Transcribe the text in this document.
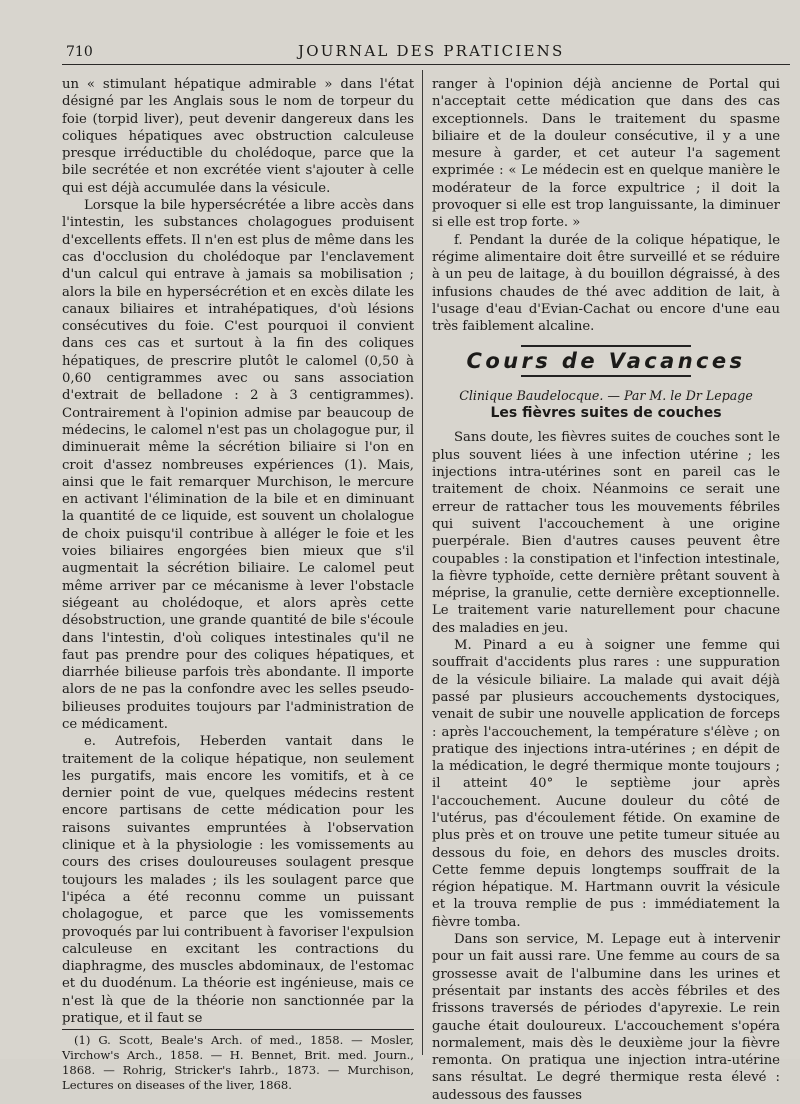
710	JOURNAL DES PRATICIENS

un « stimulant hépatique admirable » dans l'état désigné par les Anglais sous le nom de torpeur du foie (torpid liver), peut devenir dangereux dans les coliques hépatiques avec obstruction calculeuse presque irréductible du cholédoque, parce que la bile secrétée et non excrétée vient s'ajouter à celle qui est déjà accumulée dans la vésicule.

Lorsque la bile hypersécrétée a libre accès dans l'intestin, les substances cholagogues produisent d'excellents effets. Il n'en est plus de même dans les cas d'occlusion du cholédoque par l'enclavement d'un calcul qui entrave à jamais sa mobilisation ; alors la bile en hypersécrétion et en excès dilate les canaux biliaires et intrahépatiques, d'où lésions consécutives du foie. C'est pourquoi il convient dans ces cas et surtout à la fin des coliques hépatiques, de prescrire plutôt le calomel (0,50 à 0,60 centigrammes avec ou sans association d'extrait de belladone : 2 à 3 centigrammes). Contrairement à l'opinion admise par beaucoup de médecins, le calomel n'est pas un cholagogue pur, il diminuerait même la sécrétion biliaire si l'on en croit d'assez nombreuses expériences (1). Mais, ainsi que le fait remarquer Murchison, le mercure en activant l'élimination de la bile et en diminuant la quantité de ce liquide, est souvent un cholalogue de choix puisqu'il contribue à alléger le foie et les voies biliaires engorgées bien mieux que s'il augmentait la sécrétion biliaire. Le calomel peut même arriver par ce mécanisme à lever l'obstacle siégeant au cholédoque, et alors après cette désobstruction, une grande quantité de bile s'écoule dans l'intestin, d'où coliques intestinales qu'il ne faut pas prendre pour des coliques hépatiques, et diarrhée bilieuse parfois très abondante. Il importe alors de ne pas la confondre avec les selles pseudo-bilieuses produites toujours par l'administration de ce médicament.

e. Autrefois, Heberden vantait dans le traitement de la colique hépatique, non seulement les purgatifs, mais encore les vomitifs, et à ce dernier point de vue, quelques médecins restent encore partisans de cette médication pour les raisons suivantes empruntées à l'observation clinique et à la physiologie : les vomissements au cours des crises douloureuses soulagent presque toujours les malades ; ils les soulagent parce que l'ipéca a été reconnu comme un puissant cholagogue, et parce que les vomissements provoqués par lui contribuent à favoriser l'expulsion calculeuse en excitant les contractions du diaphragme, des muscles abdominaux, de l'estomac et du duodénum. La théorie est ingénieuse, mais ce n'est là que de la théorie non sanctionnée par la pratique, et il faut se

(1) G. Scott, Beale's Arch. of med., 1858. — Mosler, Virchow's Arch., 1858. — H. Bennet, Brit. med. Journ., 1868. — Rohrig, Stricker's Iahrb., 1873. — Murchison, Lectures on diseases of the liver, 1868.

ranger à l'opinion déjà ancienne de Portal qui n'acceptait cette médication que dans des cas exceptionnels. Dans le traitement du spasme biliaire et de la douleur consécutive, il y a une mesure à garder, et cet auteur l'a sagement exprimée : « Le médecin est en quelque manière le modérateur de la force expultrice ; il doit la provoquer si elle est trop languissante, la diminuer si elle est trop forte. »

f. Pendant la durée de la colique hépatique, le régime alimentaire doit être surveillé et se réduire à un peu de laitage, à du bouillon dégraissé, à des infusions chaudes de thé avec addition de lait, à l'usage d'eau d'Evian-Cachat ou encore d'une eau très faiblement alcaline.

Cours de Vacances
Clinique Baudelocque. — Par M. le Dr Lepage
Les fièvres suites de couches

Sans doute, les fièvres suites de couches sont le plus souvent liées à une infection utérine ; les injections intra-utérines sont en pareil cas le traitement de choix. Néanmoins ce serait une erreur de rattacher tous les mouvements fébriles qui suivent l'accouchement à une origine puerpérale. Bien d'autres causes peuvent être coupables : la constipation et l'infection intestinale, la fièvre typhoïde, cette dernière prêtant souvent à méprise, la granulie, cette dernière exceptionnelle. Le traitement varie naturellement pour chacune des maladies en jeu.

M. Pinard a eu à soigner une femme qui souffrait d'accidents plus rares : une suppuration de la vésicule biliaire. La malade qui avait déjà passé par plusieurs accouchements dystociques, venait de subir une nouvelle application de forceps : après l'accouchement, la température s'élève ; on pratique des injections intra-utérines ; en dépit de la médication, le degré thermique monte toujours ; il atteint 40° le septième jour après l'accouchement. Aucune douleur du côté de l'utérus, pas d'écoulement fétide. On examine de plus près et on trouve une petite tumeur située au dessous du foie, en dehors des muscles droits. Cette femme depuis longtemps souffrait de la région hépatique. M. Hartmann ouvrit la vésicule et la trouva remplie de pus : immédiatement la fièvre tomba.

Dans son service, M. Lepage eut à intervenir pour un fait aussi rare. Une femme au cours de sa grossesse avait de l'albumine dans les urines et présentait par instants des accès fébriles et des frissons traversés de périodes d'apyrexie. Le rein gauche était douloureux. L'accouchement s'opéra normalement, mais dès le deuxième jour la fièvre remonta. On pratiqua une injection intra-utérine sans résultat. Le degré thermique resta élevé : audessous des fausses
